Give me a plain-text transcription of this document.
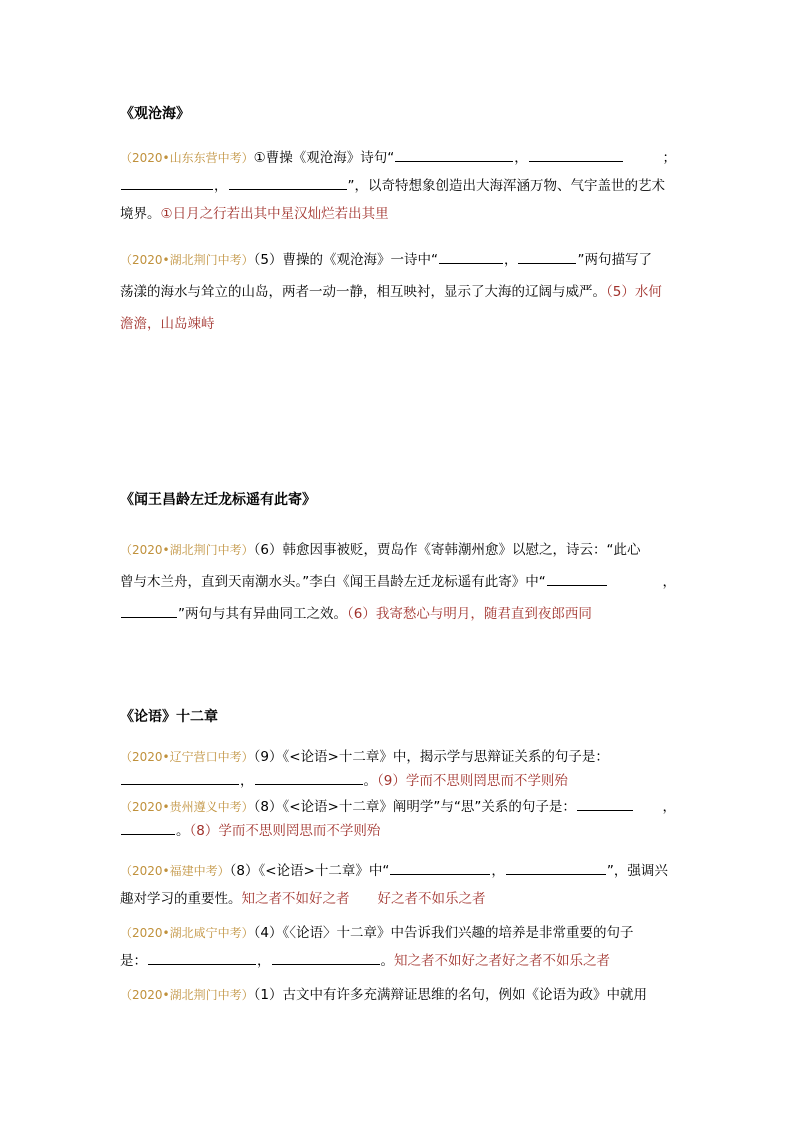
《观沧海》
（2020•山东东营中考）①曹操《观沧海》诗句“	，	；
，	”，以奇特想象创造出大海浑涵万物、气宇盖世的艺术
境界。①日月之行若出其中星汉灿烂若出其里
（2020•湖北荆门中考）（5）曹操的《观沧海》一诗中“	，	”两句描写了
荡漾的海水与耸立的山岛，两者一动一静，相互映衬，显示了大海的辽阔与威严。（5）水何
澹澹，山岛竦峙
《闻王昌龄左迁龙标遥有此寄》
（2020•湖北荆门中考）（6）韩愈因事被贬，贾岛作《寄韩潮州愈》以慰之，诗云：“此心
曾与木兰舟，直到天南潮水头。”李白《闻王昌龄左迁龙标遥有此寄》中“	，
”两句与其有异曲同工之效。（6）我寄愁心与明月，随君直到夜郎西同
《论语》十二章
（2020•辽宁营口中考）（9）《<论语>十二章》中，揭示学与思辩证关系的句子是：
，	。（9）学而不思则罔思而不学则殆
（2020•贵州遵义中考）（8）《<论语>十二章》阐明学”与“思”关系的句子是：	，
。（8）学而不思则罔思而不学则殆
（2020•福建中考）（8）《<论语>十二章》中“	，	”，强调兴
趣对学习的重要性。知之者不如好之者 好之者不如乐之者
（2020•湖北咸宁中考）（4）《〈论语〉十二章》中告诉我们兴趣的培养是非常重要的句子
是：	，	。知之者不如好之者好之者不如乐之者
（2020•湖北荆门中考）（1）古文中有许多充满辩证思维的名句，例如《论语为政》中就用
